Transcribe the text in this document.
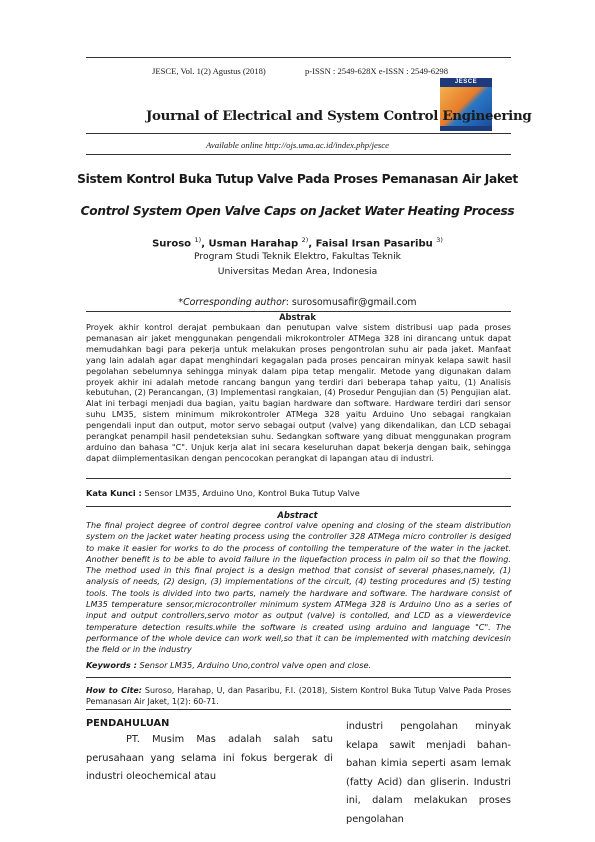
JESCE, Vol. 1(2) Agustus (2018)	p-ISSN : 2549-628X e-ISSN : 2549-6298
JESCE
Journal of Electrical and System Control Engineering
Available online http://ojs.uma.ac.id/index.php/jesce
Sistem Kontrol Buka Tutup Valve Pada Proses Pemanasan Air Jaket
Control System Open Valve Caps on Jacket Water Heating Process
Suroso $^{1)}$, Usman Harahap $^{2)}$, Faisal Irsan Pasaribu $^{3)}$
Program Studi Teknik Elektro, Fakultas Teknik
Universitas Medan Area, Indonesia
*Corresponding author: surosomusafir@gmail.com
Abstrak
Proyek akhir kontrol derajat pembukaan dan penutupan valve sistem distribusi uap pada proses pemanasan air jaket menggunakan pengendali mikrokontroler ATMega 328 ini dirancang untuk dapat memudahkan bagi para pekerja untuk melakukan proses pengontrolan suhu air pada jaket. Manfaat yang lain adalah agar dapat menghindari kegagalan pada proses pencairan minyak kelapa sawit hasil pegolahan sebelumnya sehingga minyak dalam pipa tetap mengalir. Metode yang digunakan dalam proyek akhir ini adalah metode rancang bangun yang terdiri dari beberapa tahap yaitu, (1) Analisis kebutuhan, (2) Perancangan, (3) Implementasi rangkaian, (4) Prosedur Pengujian dan (5) Pengujian alat. Alat ini terbagi menjadi dua bagian, yaitu bagian hardware dan software. Hardware terdiri dari sensor suhu LM35, sistem minimum mikrokontroler ATMega 328 yaitu Arduino Uno sebagai rangkaian pengendali input dan output, motor servo sebagai output (valve) yang dikendalikan, dan LCD sebagai perangkat penampil hasil pendeteksian suhu. Sedangkan software yang dibuat menggunakan program arduino dan bahasa "C". Unjuk kerja alat ini secara keseluruhan dapat bekerja dengan baik, sehingga dapat diimplementasikan dengan pencocokan perangkat di lapangan atau di industri.
Kata Kunci : Sensor LM35, Arduino Uno, Kontrol Buka Tutup Valve
Abstract
The final project degree of control degree control valve opening and closing of the steam distribution system on the jacket water heating process using the controller 328 ATMega micro controller is desiged to make it easier for works to do the process of contolling the temperature of the water in the jacket. Another benefit is to be able to avoid failure in the liquefaction process in palm oil so that the flowing. The method used in this final project is a design method that consist of several phases,namely, (1) analysis of needs, (2) design, (3) implementations of the circuit, (4) testing procedures and (5) testing tools. The tools is divided into two parts, namely the hardware and software. The hardware consist of LM35 temperature sensor,microcontroller minimum system ATMega 328 is Arduino Uno as a series of input and output controllers,servo motor as output (valve) is contolled, and LCD as a viewerdevice temperature detection results.while the software is created using arduino and language "C". The performance of the whole device can work well,so that it can be implemented with matching devicesin the field or in the industry
Keywords : Sensor LM35, Arduino Uno,control valve open and close.
How to Cite: Suroso, Harahap, U, dan Pasaribu, F.I. (2018), Sistem Kontrol Buka Tutup Valve Pada Proses Pemanasan Air Jaket, 1(2): 60-71.
PENDAHULUAN
PT. Musim Mas adalah salah satu perusahaan yang selama ini fokus bergerak di industri oleochemical atau
industri pengolahan minyak kelapa sawit menjadi bahan-bahan kimia seperti asam lemak (fatty Acid) dan gliserin. Industri ini, dalam melakukan proses pengolahan
